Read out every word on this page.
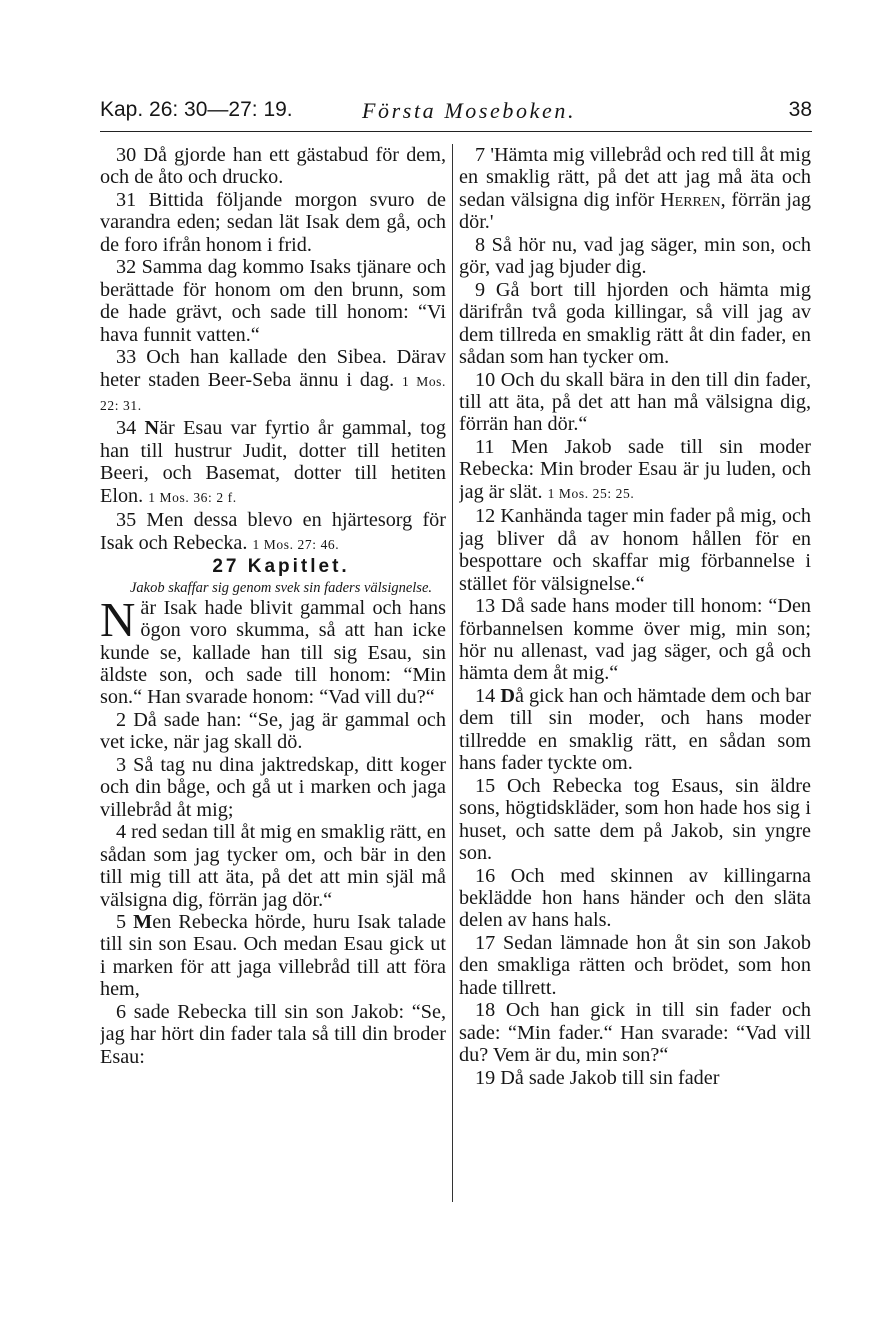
Kap. 26: 30—27: 19.	Första Moseboken.	38

30 Då gjorde han ett gästabud för dem, och de åto och drucko.

31 Bittida följande morgon svuro de varandra eden; sedan lät Isak dem gå, och de foro ifrån honom i frid.

32 Samma dag kommo Isaks tjänare och berättade för honom om den brunn, som de hade grävt, och sade till honom: “Vi hava funnit vatten.“

33 Och han kallade den Sibea. Därav heter staden Beer-Seba ännu i dag. 1 Mos. 22: 31.

34 När Esau var fyrtio år gammal, tog han till hustrur Judit, dotter till hetiten Beeri, och Basemat, dotter till hetiten Elon. 1 Mos. 36: 2 f.

35 Men dessa blevo en hjärtesorg för Isak och Rebecka. 1 Mos. 27: 46.

27 Kapitlet.

Jakob skaffar sig genom svek sin faders välsignelse.

När Isak hade blivit gammal och hans ögon voro skumma, så att han icke kunde se, kallade han till sig Esau, sin äldste son, och sade till honom: “Min son.“ Han svarade honom: “Vad vill du?“

2 Då sade han: “Se, jag är gammal och vet icke, när jag skall dö.

3 Så tag nu dina jaktredskap, ditt koger och din båge, och gå ut i marken och jaga villebråd åt mig;

4 red sedan till åt mig en smaklig rätt, en sådan som jag tycker om, och bär in den till mig till att äta, på det att min själ må välsigna dig, förrän jag dör.“

5 Men Rebecka hörde, huru Isak talade till sin son Esau. Och medan Esau gick ut i marken för att jaga villebråd till att föra hem,

6 sade Rebecka till sin son Jakob: “Se, jag har hört din fader tala så till din broder Esau:

7 'Hämta mig villebråd och red till åt mig en smaklig rätt, på det att jag må äta och sedan välsigna dig inför Herren, förrän jag dör.'

8 Så hör nu, vad jag säger, min son, och gör, vad jag bjuder dig.

9 Gå bort till hjorden och hämta mig därifrån två goda killingar, så vill jag av dem tillreda en smaklig rätt åt din fader, en sådan som han tycker om.

10 Och du skall bära in den till din fader, till att äta, på det att han må välsigna dig, förrän han dör.“

11 Men Jakob sade till sin moder Rebecka: Min broder Esau är ju luden, och jag är slät. 1 Mos. 25: 25.

12 Kanhända tager min fader på mig, och jag bliver då av honom hållen för en bespottare och skaffar mig förbannelse i stället för välsignelse.“

13 Då sade hans moder till honom: “Den förbannelsen komme över mig, min son; hör nu allenast, vad jag säger, och gå och hämta dem åt mig.“

14 Då gick han och hämtade dem och bar dem till sin moder, och hans moder tillredde en smaklig rätt, en sådan som hans fader tyckte om.

15 Och Rebecka tog Esaus, sin äldre sons, högtidskläder, som hon hade hos sig i huset, och satte dem på Jakob, sin yngre son.

16 Och med skinnen av killingarna beklädde hon hans händer och den släta delen av hans hals.

17 Sedan lämnade hon åt sin son Jakob den smakliga rätten och brödet, som hon hade tillrett.

18 Och han gick in till sin fader och sade: “Min fader.“ Han svarade: “Vad vill du? Vem är du, min son?“

19 Då sade Jakob till sin fader
